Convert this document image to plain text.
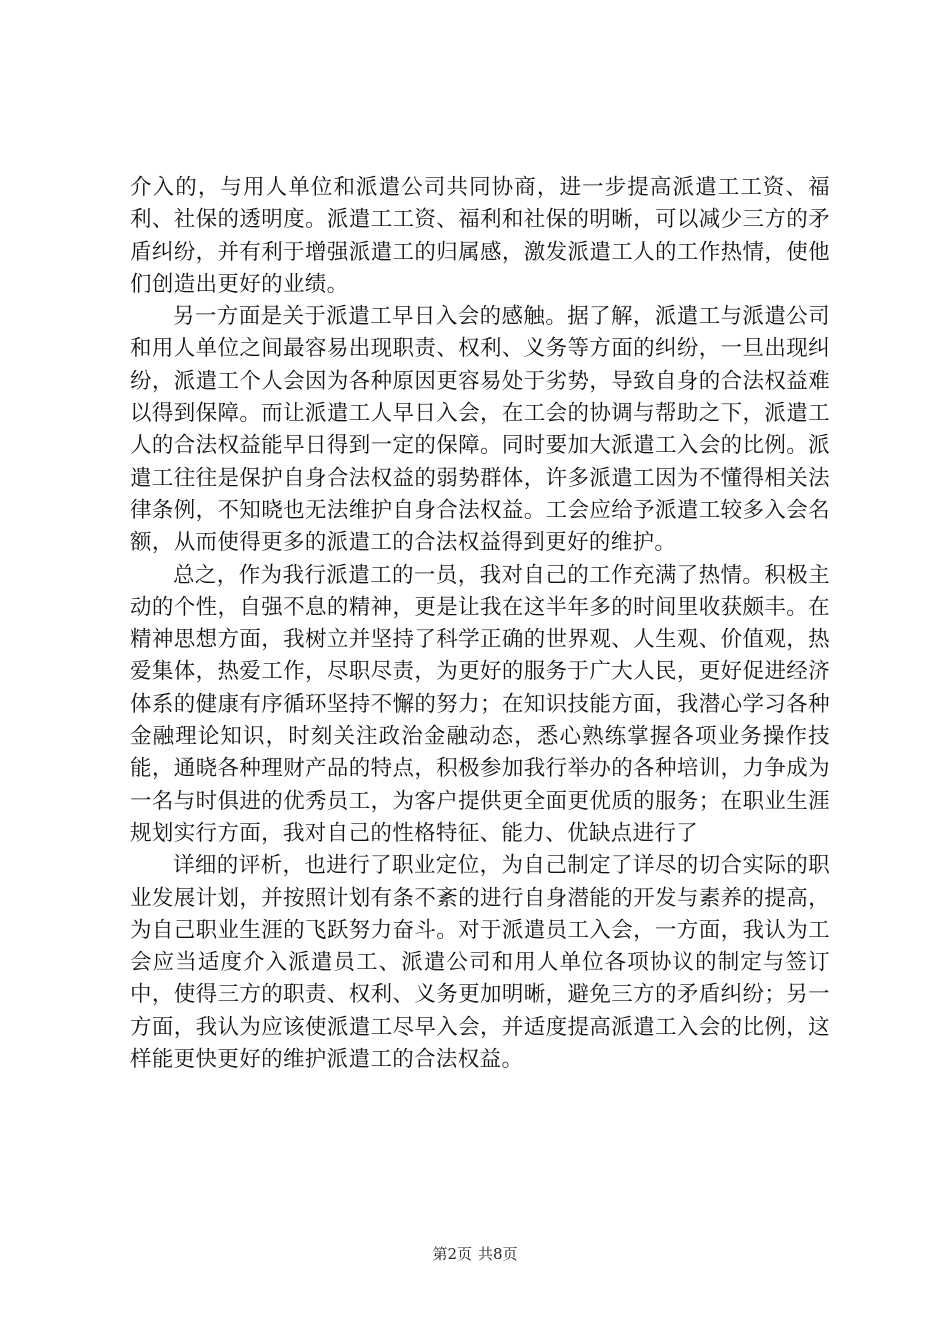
介入的，与用人单位和派遣公司共同协商，进一步提高派遣工工资、福利、社保的透明度。派遣工工资、福利和社保的明晰，可以减少三方的矛盾纠纷，并有利于增强派遣工的归属感，激发派遣工人的工作热情，使他们创造出更好的业绩。

另一方面是关于派遣工早日入会的感触。据了解，派遣工与派遣公司和用人单位之间最容易出现职责、权利、义务等方面的纠纷，一旦出现纠纷，派遣工个人会因为各种原因更容易处于劣势，导致自身的合法权益难以得到保障。而让派遣工人早日入会，在工会的协调与帮助之下，派遣工人的合法权益能早日得到一定的保障。同时要加大派遣工入会的比例。派遣工往往是保护自身合法权益的弱势群体，许多派遣工因为不懂得相关法律条例，不知晓也无法维护自身合法权益。工会应给予派遣工较多入会名额，从而使得更多的派遣工的合法权益得到更好的维护。

总之，作为我行派遣工的一员，我对自己的工作充满了热情。积极主动的个性，自强不息的精神，更是让我在这半年多的时间里收获颇丰。在精神思想方面，我树立并坚持了科学正确的世界观、人生观、价值观，热爱集体，热爱工作，尽职尽责，为更好的服务于广大人民，更好促进经济体系的健康有序循环坚持不懈的努力；在知识技能方面，我潜心学习各种金融理论知识，时刻关注政治金融动态，悉心熟练掌握各项业务操作技能，通晓各种理财产品的特点，积极参加我行举办的各种培训，力争成为一名与时俱进的优秀员工，为客户提供更全面更优质的服务；在职业生涯规划实行方面，我对自己的性格特征、能力、优缺点进行了

详细的评析，也进行了职业定位，为自己制定了详尽的切合实际的职业发展计划，并按照计划有条不紊的进行自身潜能的开发与素养的提高，为自己职业生涯的飞跃努力奋斗。对于派遣员工入会，一方面，我认为工会应当适度介入派遣员工、派遣公司和用人单位各项协议的制定与签订中，使得三方的职责、权利、义务更加明晰，避免三方的矛盾纠纷；另一方面，我认为应该使派遣工尽早入会，并适度提高派遣工入会的比例，这样能更快更好的维护派遣工的合法权益。

第2页 共8页
